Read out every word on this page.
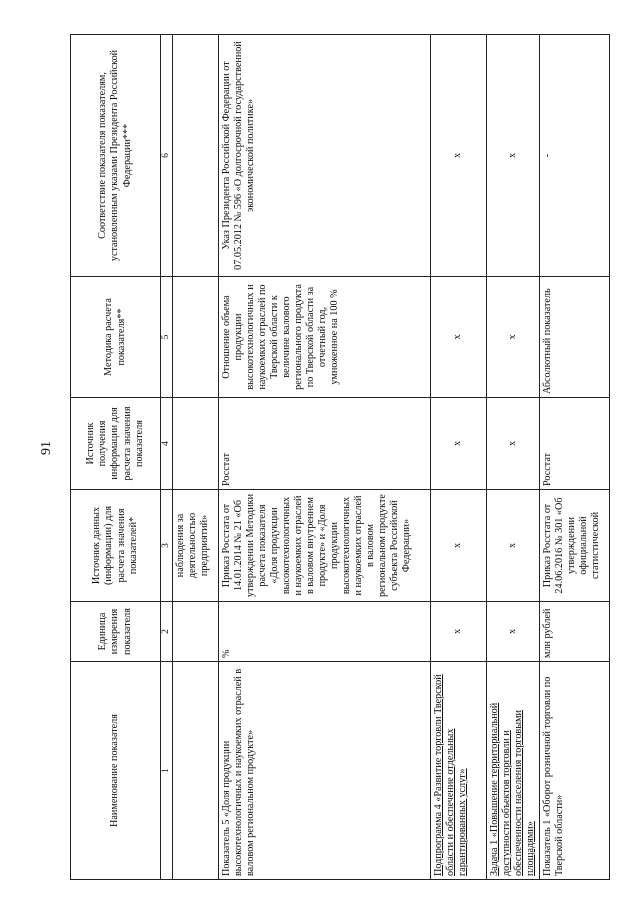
91
Наименование показателя	Единица измерения показателя	Источник данных (информации) для расчета значения показателей*	Источник получения информации для расчета значения показателя	Методика расчета показателя**	Соответствие показателя показателям, установленным указами Президента Российской Федерации***
1	2	3	4	5	6
		наблюдения за деятельностью предприятий»			
Показатель 5 «Доля продукции высокотехнологичных и наукоемких отраслей в валовом региональном продукте»	%	Приказ Росстата от 14.01.2014 № 21 «Об утверждении Методики расчета показателя «Доля продукции высокотехнологичных и наукоемких отраслей в валовом внутреннем продукте» и «Доля продукции высокотехнологичных и наукоемких отраслей в валовом региональном продукте субъекта Российской Федерации»	Росстат	Отношение объема продукции высокотехнологичных и наукоемких отраслей по Тверской области к величине валового регионального продукта по Тверской области за отчетный год, умноженное на 100 %	Указ Президента Российской Федерации от 07.05.2012 № 596 «О долгосрочной государственной экономической политике»
Подпрограмма 4 «Развитие торговли Тверской области и обеспечение отдельных гарантированных услуг»	х	х	х	х	х
Задача 1 «Повышение территориальной доступности объектов торговли и обеспеченности населения торговыми площадями»	х	х	х	х	х
Показатель 1 «Оборот розничной торговли по Тверской области»	млн рублей	Приказ Росстата от 24.06.2016 № 301 «Об утверждении официальной статистической	Росстат	Абсолютный показатель	-
